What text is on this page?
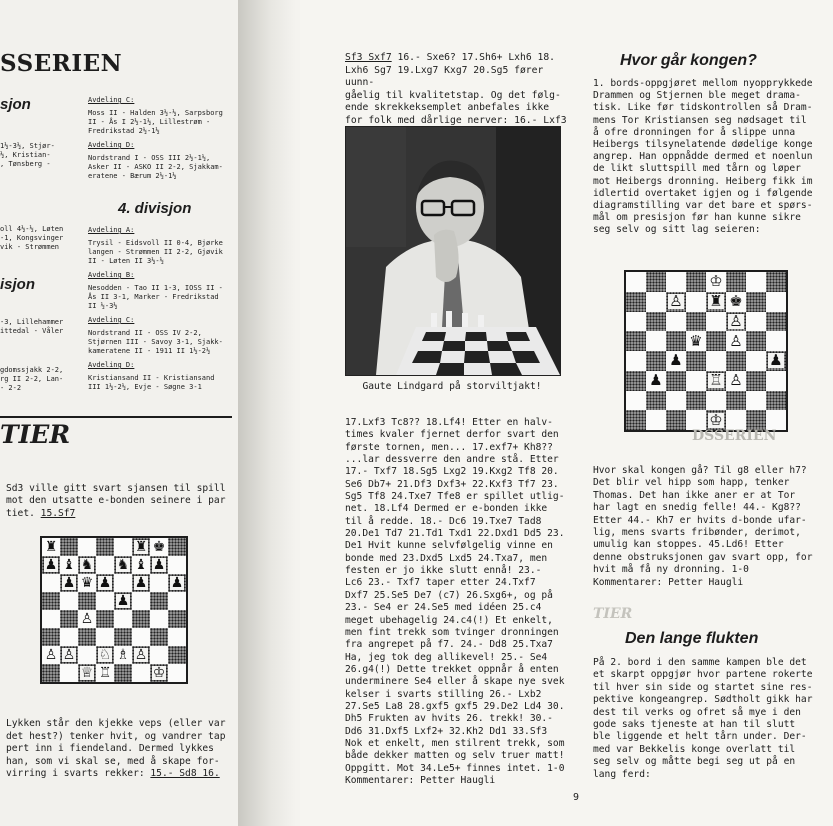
SSERIEN
sjon
1½-3½, Stjør-
½, Kristian-
, Tønsberg -
oll 4½-½, Løten
-1, Kongsvinger
vik - Strømmen
isjon
-3, Lillehammer
ittedal - Våler
gdomssjakk 2-2,
rg II 2-2, Lan-
- 2-2
Avdeling C:
Moss II - Halden 3½-½, Sarpsborg
II - Ås I 2½-1½, Lillestrøm -
Fredrikstad 2½-1½
Avdeling D:
Nordstrand I - OSS III 2½-1½,
Asker II - ASKO II 2-2, Sjakkam-
eratene - Bærum 2½-1½
4. divisjon
Avdeling A:
Trysil - Eidsvoll II 0-4, Bjørke
langen - Strømmen II 2-2, Gjøvik
II - Løten II 3½-½
Avdeling B:
Nesodden - Tao II 1-3, IOSS II -
Ås II 3-1, Marker - Fredrikstad
II ½-3½
Avdeling C:
Nordstrand II - OSS IV 2-2,
Stjørnen III - Savoy 3-1, Sjakk-
kameratene II - 1911 II 1½-2½
Avdeling D:
Kristiansand II - Kristiansand
III 1½-2½, Evje - Søgne 3-1
TIER
Sd3 ville gitt svart sjansen til spill
mot den utsatte e-bonden seinere i par
tiet. 15.Sf7
♜	♜ ♚
♟ ♝ ♞ ♞ ♝ ♟
♟ ♛ ♟ ♟ ♟
♟
♙
♙ ♙ ♘ ♗ ♙
♕ ♖	♔
Lykken står den kjekke veps (eller var
det hest?) tenker hvit, og vandrer tap
pert inn i fiendeland. Dermed lykkes
han, som vi skal se, med å skape for-
virring i svarts rekker: 15.- Sd8 16.
Sf3 Sxf7 16.- Sxe6? 17.Sh6+ Lxh6 18.
Lxh6 Sg7 19.Lxg7 Kxg7 20.Sg5 fører uunn-
gåelig til kvalitetstap. Og det følg-
ende skrekkeksemplet anbefales ikke
for folk med dårlige nerver: 16.- Lxf3
Gaute Lindgard på storviltjakt!
17.Lxf3 Tc8?? 18.Lf4! Etter en halv-
times kvaler fjernet derfor svart den
første tornen, men... 17.exf7+ Kh8??
...lar dessverre den andre stå. Etter
17.- Txf7 18.Sg5 Lxg2 19.Kxg2 Tf8 20.
Se6 Db7+ 21.Df3 Dxf3+ 22.Kxf3 Tf7 23.
Sg5 Tf8 24.Txe7 Tfe8 er spillet utlig-
net. 18.Lf4 Dermed er e-bonden ikke
til å redde. 18.- Dc6 19.Txe7 Tad8
20.De1 Td7 21.Td1 Txd1 22.Dxd1 Dd5 23.
De1 Hvit kunne selvfølgelig vinne en
bonde med 23.Dxd5 Lxd5 24.Txa7, men
festen er jo ikke slutt ennå! 23.-
Lc6 23.- Txf7 taper etter 24.Txf7
Dxf7 25.Se5 De7 (c7) 26.Sxg6+, og på
23.- Se4 er 24.Se5 med idéen 25.c4
meget ubehagelig 24.c4(!) Et enkelt,
men fint trekk som tvinger dronningen
fra angrepet på f7. 24.- Dd8 25.Txa7
Ha, jeg tok deg allikevel! 25.- Se4
26.g4(!) Dette trekket oppnår å enten
underminere Se4 eller å skape nye svek
kelser i svarts stilling 26.- Lxb2
27.Se5 La8 28.gxf5 gxf5 29.De2 Ld4 30.
Dh5 Frukten av hvits 26. trekk! 30.-
Dd6 31.Dxf5 Lxf2+ 32.Kh2 Dd1 33.Sf3
Nok et enkelt, men stilrent trekk, som
både dekker matten og selv truer matt!
Oppgitt. Mot 34.Le5+ finnes intet. 1-0
Kommentarer: Petter Haugli
9
Hvor går kongen?
1. bords-oppgjøret mellom nyopprykkede
Drammen og Stjernen ble meget drama-
tisk. Like før tidskontrollen så Dram-
mens Tor Kristiansen seg nødsaget til
å ofre dronningen for å slippe unna
Heibergs tilsynelatende dødelige konge
angrep. Han oppnådde dermed et noenlun
de likt sluttspill med tårn og løper
mot Heibergs dronning. Heiberg fikk im
idlertid overtaket igjen og i følgende
diagramstilling var det bare et spørs-
mål om presisjon før han kunne sikre
seg selv og sitt lag seieren:
♔
♙ ♜ ♚
♙
♛ ♙
♟	♟
♟	♖ ♙
♔
DSSERIEN
Hvor skal kongen gå? Til g8 eller h7?
Det blir vel hipp som happ, tenker
Thomas. Det han ikke aner er at Tor
har lagt en snedig felle! 44.- Kg8??
Etter 44.- Kh7 er hvits d-bonde ufar-
lig, mens svarts fribønder, derimot,
umulig kan stoppes. 45.Ld6! Etter
denne obstruksjonen gav svart opp, for
hvit må få ny dronning. 1-0
Kommentarer: Petter Haugli
TIER
Den lange flukten
På 2. bord i den samme kampen ble det
et skarpt oppgjør hvor partene rokerte
til hver sin side og startet sine res-
pektive kongeangrep. Sødtholt gikk har
dest til verks og ofret så mye i den
gode saks tjeneste at han til slutt
ble liggende et helt tårn under. Der-
med var Bekkelis konge overlatt til
seg selv og måtte begi seg ut på en
lang ferd:
